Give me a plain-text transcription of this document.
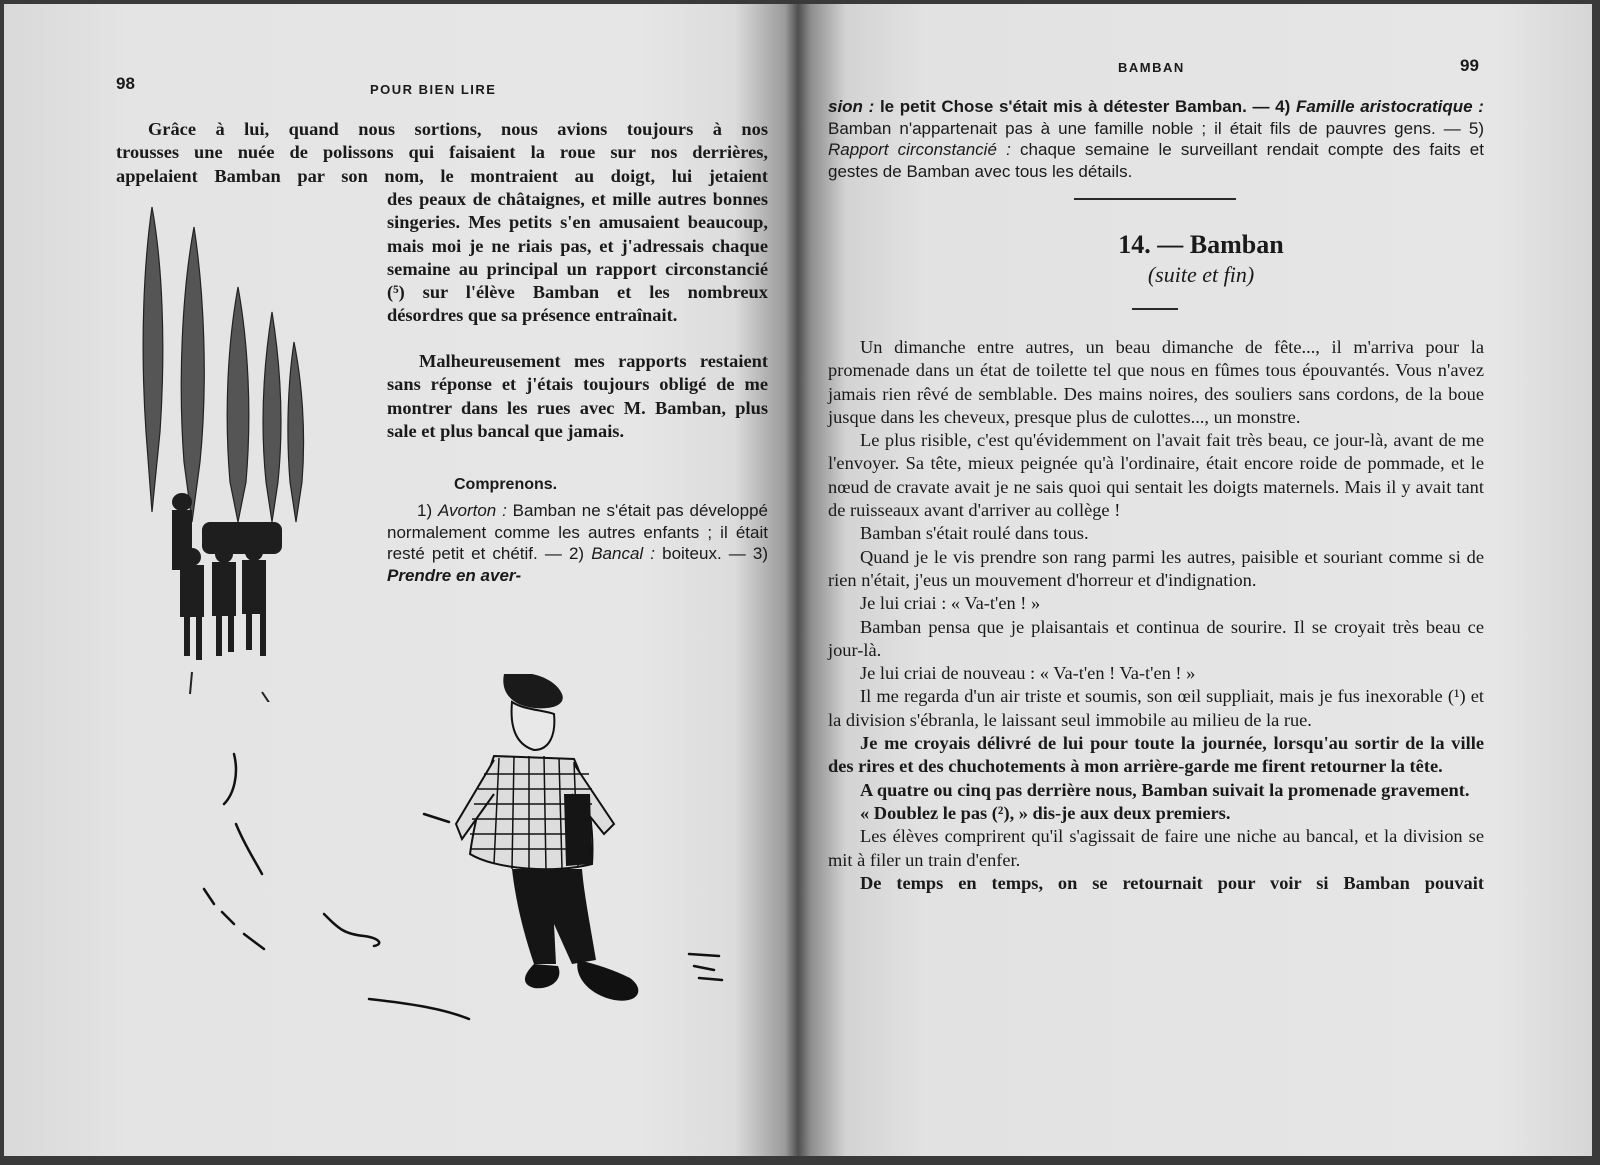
98	POUR BIEN LIRE
Grâce à lui, quand nous sortions, nous avions toujours à nos
trousses une nuée de polissons qui faisaient la roue sur nos derrières,
appelaient Bamban par son nom, le montraient au doigt, lui jetaient

des peaux de châtaignes, et mille autres bonnes singeries. Mes petits s'en amusaient beaucoup, mais moi je ne riais pas, et j'adressais chaque semaine au principal un rapport circonstancié (⁵) sur l'élève Bamban et les nombreux désordres que sa présence entraînait.

Malheureusement mes rapports restaient sans réponse et j'étais toujours obligé de me montrer dans les rues avec M. Bamban, plus sale et plus bancal que jamais.

Comprenons.
1) Avorton : Bamban ne s'était pas développé normalement comme les autres enfants ; il était resté petit et chétif. — 2) Bancal : boiteux. — 3) Prendre en aver-
BAMBAN	99
sion : le petit Chose s'était mis à détester Bamban. — 4) Famille aristocratique : Bamban n'appartenait pas à une famille noble ; il était fils de pauvres gens. — 5) Rapport circonstancié : chaque semaine le surveillant rendait compte des faits et gestes de Bamban avec tous les détails.
14. — Bamban
(suite et fin)

Un dimanche entre autres, un beau dimanche de fête..., il m'arriva pour la promenade dans un état de toilette tel que nous en fûmes tous épouvantés. Vous n'avez jamais rien rêvé de semblable. Des mains noires, des souliers sans cordons, de la boue jusque dans les cheveux, presque plus de culottes..., un monstre.

Le plus risible, c'est qu'évidemment on l'avait fait très beau, ce jour-là, avant de me l'envoyer. Sa tête, mieux peignée qu'à l'ordinaire, était encore roide de pommade, et le nœud de cravate avait je ne sais quoi qui sentait les doigts maternels. Mais il y avait tant de ruisseaux avant d'arriver au collège !

Bamban s'était roulé dans tous.

Quand je le vis prendre son rang parmi les autres, paisible et souriant comme si de rien n'était, j'eus un mouvement d'horreur et d'indignation.

Je lui criai : « Va-t'en ! »

Bamban pensa que je plaisantais et continua de sourire. Il se croyait très beau ce jour-là.

Je lui criai de nouveau : « Va-t'en ! Va-t'en ! »

Il me regarda d'un air triste et soumis, son œil suppliait, mais je fus inexorable (¹) et la division s'ébranla, le laissant seul immobile au milieu de la rue.

Je me croyais délivré de lui pour toute la journée, lorsqu'au sortir de la ville des rires et des chuchotements à mon arrière-garde me firent retourner la tête.

A quatre ou cinq pas derrière nous, Bamban suivait la promenade gravement.

« Doublez le pas (²), » dis-je aux deux premiers.

Les élèves comprirent qu'il s'agissait de faire une niche au bancal, et la division se mit à filer un train d'enfer.

De temps en temps, on se retournait pour voir si Bamban pouvait
